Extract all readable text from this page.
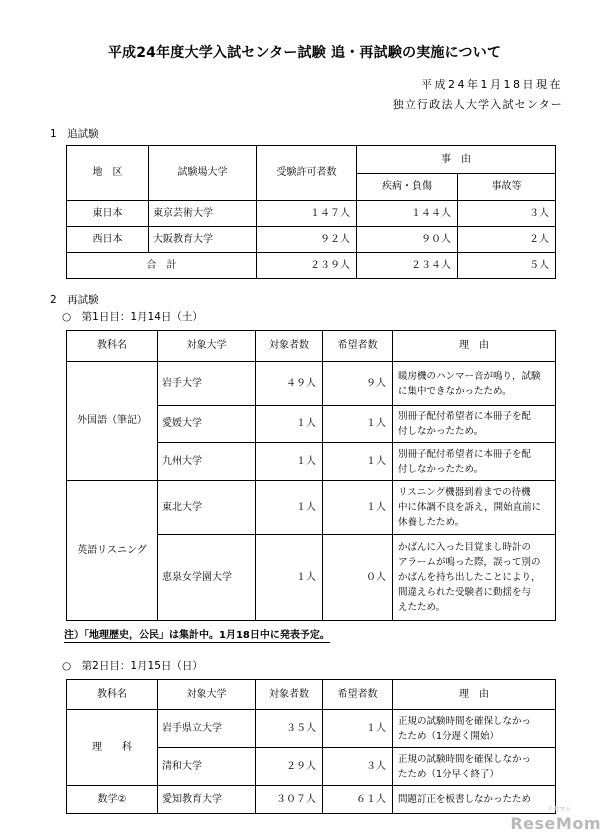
平成24年度大学入試センター試験 追・再試験の実施について
平成24年1月18日現在
独立行政法人大学入試センター
1　追試験
地　区	試験場大学	受験許可者数	事　由	
			疾病・負傷	事故等
東日本	東京芸術大学	１４７人	１４４人	３人
西日本	大阪教育大学	９２人	９０人	２人
合　計		２３９人	２３４人	５人
2　再試験
○　第1日目：1月14日（土）
教科名	対象大学	対象者数	希望者数	理　由
外国語（筆記）	岩手大学	４９人	９人	暖房機のハンマー音が鳴り，試験
に集中できなかったため。

	愛媛大学	１人	１人	別冊子配付希望者に本冊子を配
付しなかったため。

	九州大学	１人	１人	別冊子配付希望者に本冊子を配
付しなかったため。

英語リスニング	東北大学	１人	１人	リスニング機器到着までの待機
中に体調不良を訴え，開始直前に
休養したため。

	恵泉女学園大学	１人	０人	かばんに入った目覚まし時計の
アラームが鳴った際，誤って別の
かばんを持ち出したことにより，
間違えられた受験者に動揺を与
えたため。
注）「地理歴史，公民」は集計中。1月18日中に発表予定。
○　第2日目：1月15日（日）
教科名	対象大学	対象者数	希望者数	理　由
理　　科	岩手県立大学	３５人	１人	正規の試験時間を確保しなかっ
たため（1分遅く開始）

	清和大学	２９人	３人	正規の試験時間を確保しなかっ
たため（1分早く終了）

数学②	愛知教育大学	３０７人	６１人	問題訂正を板書しなかったため
リセマム
ReseMom
